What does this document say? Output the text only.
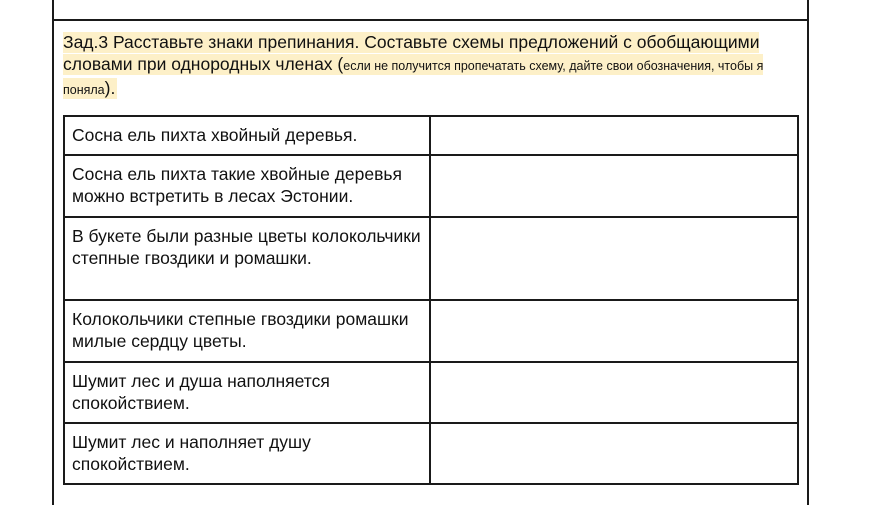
Зад.3 Расставьте знаки препинания. Составьте схемы предложений с обобщающими словами при однородных членах (если не получится пропечатать схему, дайте свои обозначения, чтобы я поняла).
Сосна ель пихта хвойный деревья.	
Сосна ель пихта такие хвойные деревья можно встретить в лесах Эстонии.	
В букете были разные цветы колокольчики степные гвоздики и ромашки.	
Колокольчики степные гвоздики ромашки милые сердцу цветы.	
Шумит лес и душа наполняется спокойствием.	
Шумит лес и наполняет душу спокойствием.	
